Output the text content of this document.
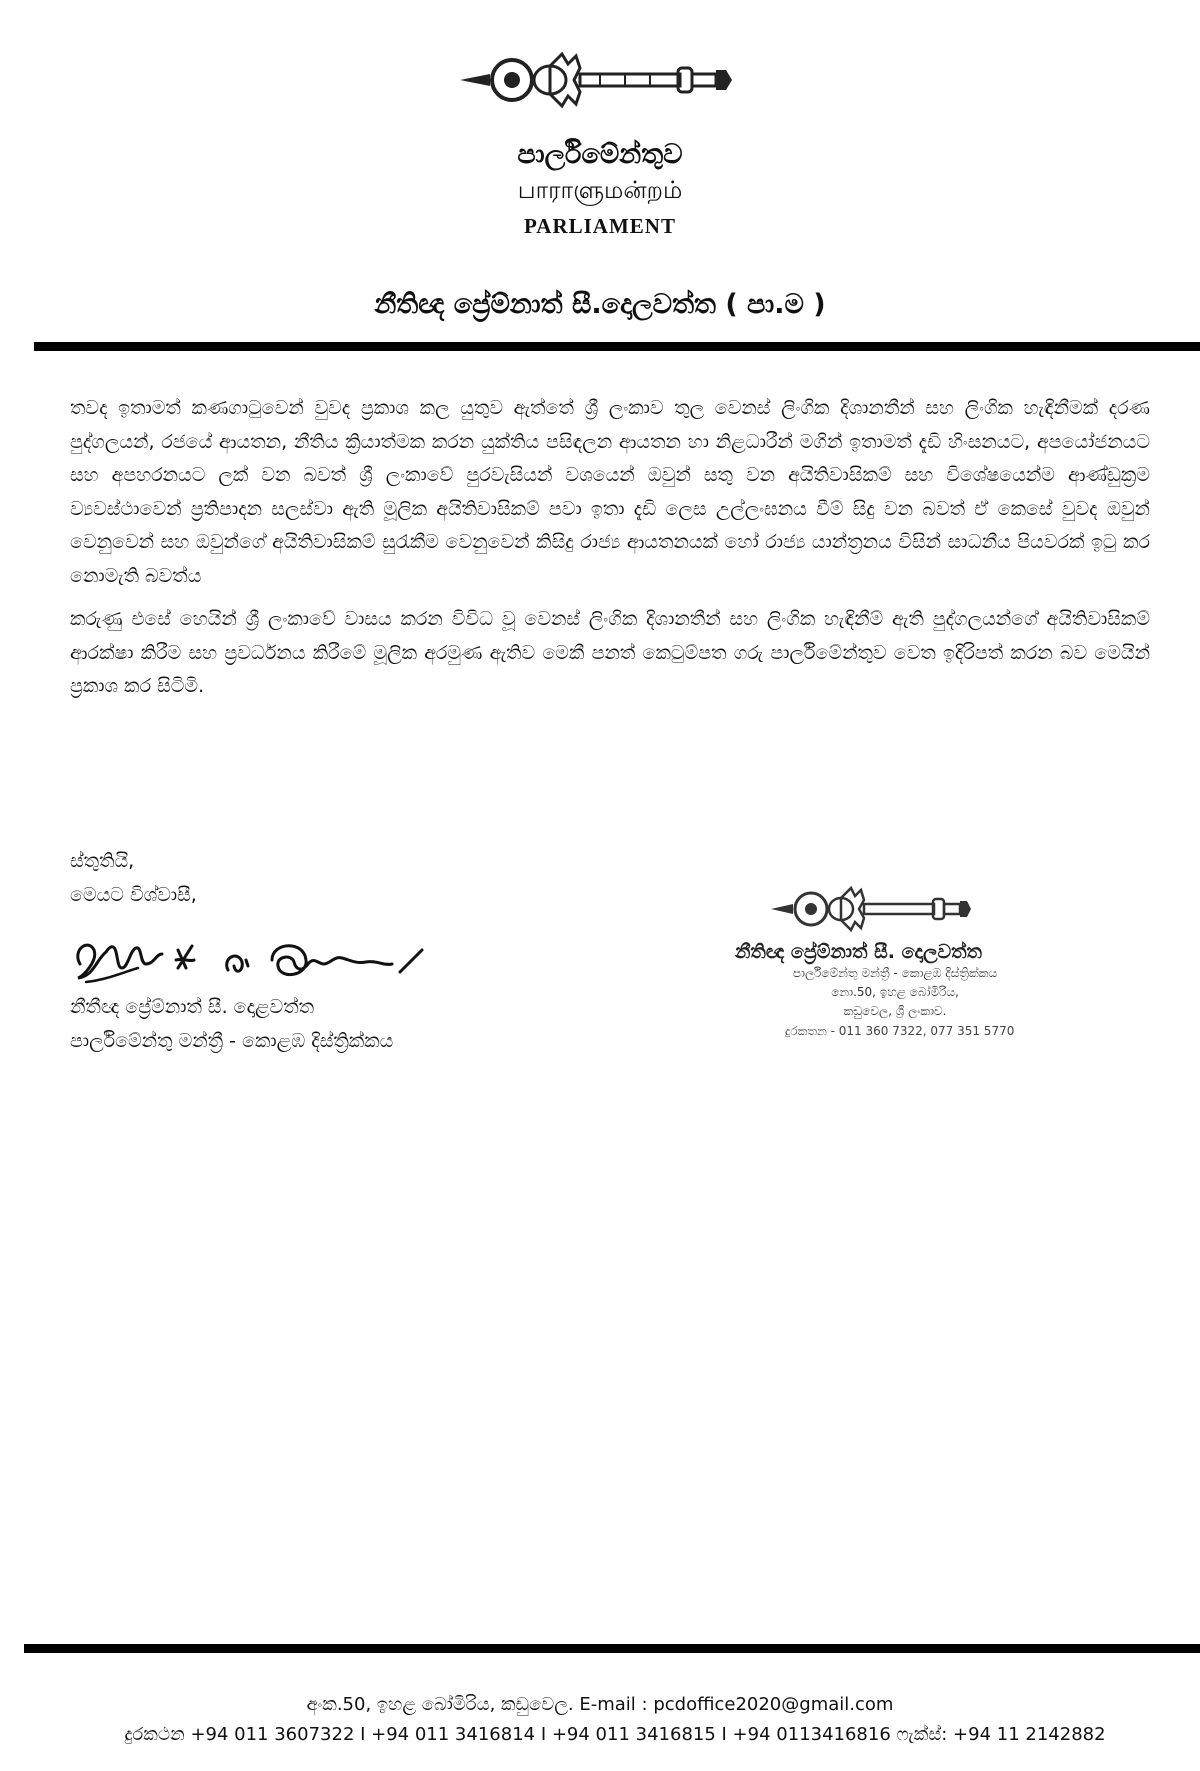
පාර්ලිමේන්තුව
பாராளுமன்றம்
PARLIAMENT
නීතිඥ ප්‍රේම්නාත් සී.දොලවත්ත ( පා.ම )

තවද ඉතාමත් කණගාටුවෙන් වුවද ප්‍රකාශ කල යුතුව ඇත්තේ ශ්‍රී ලංකාව තුල වෙනස් ලිංගික දිශානතීන් සහ ලිංගික හැඳිනීමක් දරණ පුද්ගලයන්, රජයේ ආයතන, නීතිය ක්‍රියාත්මක කරන යුක්තිය පසිඳලන ආයතන හා නිළධාරීන් මගින් ඉතාමත් දැඩි හිංසනයට, අපයෝජනයට සහ අපහරනයට ලක් වන බවත් ශ්‍රී ලංකාවේ පුරවැසියන් වශයෙන් ඔවුන් සතු වන අයිතිවාසිකම් සහ විශේෂයෙන්ම ආණ්ඩුක්‍රම ව්‍යවස්ථාවෙන් ප්‍රතිපාදන සලස්වා ඇති මූලික අයිතිවාසිකම් පවා ඉතා දැඩි ලෙස උල්ලංඝනය වීම් සිදු වන බවත් ඒ කෙසේ වුවද ඔවුන් වෙනුවෙන් සහ ඔවුන්ගේ අයිතිවාසිකම් සුරැකීම වෙනුවෙන් කිසිදු රාජ්‍ය ආයතනයක් හෝ රාජ්‍ය යාන්ත්‍රනය විසින් සාධනීය පියවරක් ඉටු කර නොමැති බවත්ය

කරුණු එසේ හෙයින් ශ්‍රී ලංකාවේ වාසය කරන විවිධ වූ වෙනස් ලිංගික දිශානතීන් සහ ලිංගික හැඳිනීම් ඇති පුද්ගලයන්ගේ අයිතිවාසිකම් ආරක්ෂා කිරීම සහ ප්‍රවර්ධනය කිරීමේ මූලික අරමුණ ඇතිව මෙකී පනත් කෙටුම්පත ගරු පාර්ලිමේන්තුව වෙත ඉදිරිපත් කරන බව මෙයින් ප්‍රකාශ කර සිටිමි.

ස්තුතියි,
මෙයට විශ්වාසී,
නීතීඥ ප්‍රේම්නාත් සී. දොළවත්ත
පාර්ලිමේන්තු මන්ත්‍රී - කොළඹ දිස්ත්‍රික්කය
නීතිඥ ප්‍රේම්නාත් සී. දොලවත්ත
පාර්ලිමේන්තු මන්ත්‍රී - කොළඹ දිස්ත්‍රික්කය
නො.50, ඉහළ බෝමිරිය,
කඩුවෙල, ශ්‍රී ලංකාව.
දුරකතන - 011 360 7322, 077 351 5770
අංක.50, ඉහළ බෝමිරිය, කඩුවෙල. E-mail : pcdoffice2020@gmail.com
දුරකථන +94 011 3607322 I +94 011 3416814 I +94 011 3416815 I +94 0113416816 ෆැක්ස්: +94 11 2142882
